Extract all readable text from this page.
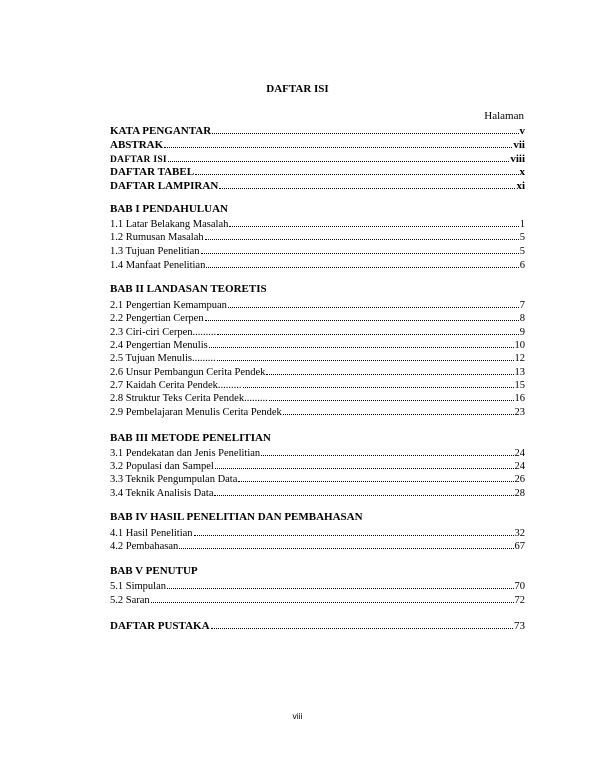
DAFTAR ISI
Halaman
KATA PENGANTAR	v
ABSTRAK	vii
DAFTAR ISI	viii
DAFTAR TABEL	x
DAFTAR LAMPIRAN	xi
BAB I PENDAHULUAN
1.1 Latar Belakang Masalah	1
1.2 Rumusan Masalah	5
1.3 Tujuan Penelitian	5
1.4 Manfaat Penelitian	6
BAB II LANDASAN TEORETIS
2.1 Pengertian Kemampuan	7
2.2 Pengertian Cerpen	8
2.3 Ciri-ciri Cerpen.........	9
2.4 Pengertian Menulis	10
2.5 Tujuan Menulis.........	12
2.6 Unsur Pembangun Cerita Pendek	13
2.7 Kaidah Cerita Pendek.........	15
2.8 Struktur Teks Cerita Pendek.........	16
2.9 Pembelajaran Menulis Cerita Pendek	23
BAB III METODE PENELITIAN
3.1 Pendekatan dan Jenis Penelitian	24
3.2 Populasi dan Sampel	24
3.3 Teknik Pengumpulan Data	26
3.4 Teknik Analisis Data	28
BAB IV HASIL PENELITIAN DAN PEMBAHASAN
4.1 Hasil Penelitian	32
4.2 Pembahasan	67
BAB V PENUTUP
5.1 Simpulan	70
5.2 Saran	72
DAFTAR PUSTAKA	73
viii
